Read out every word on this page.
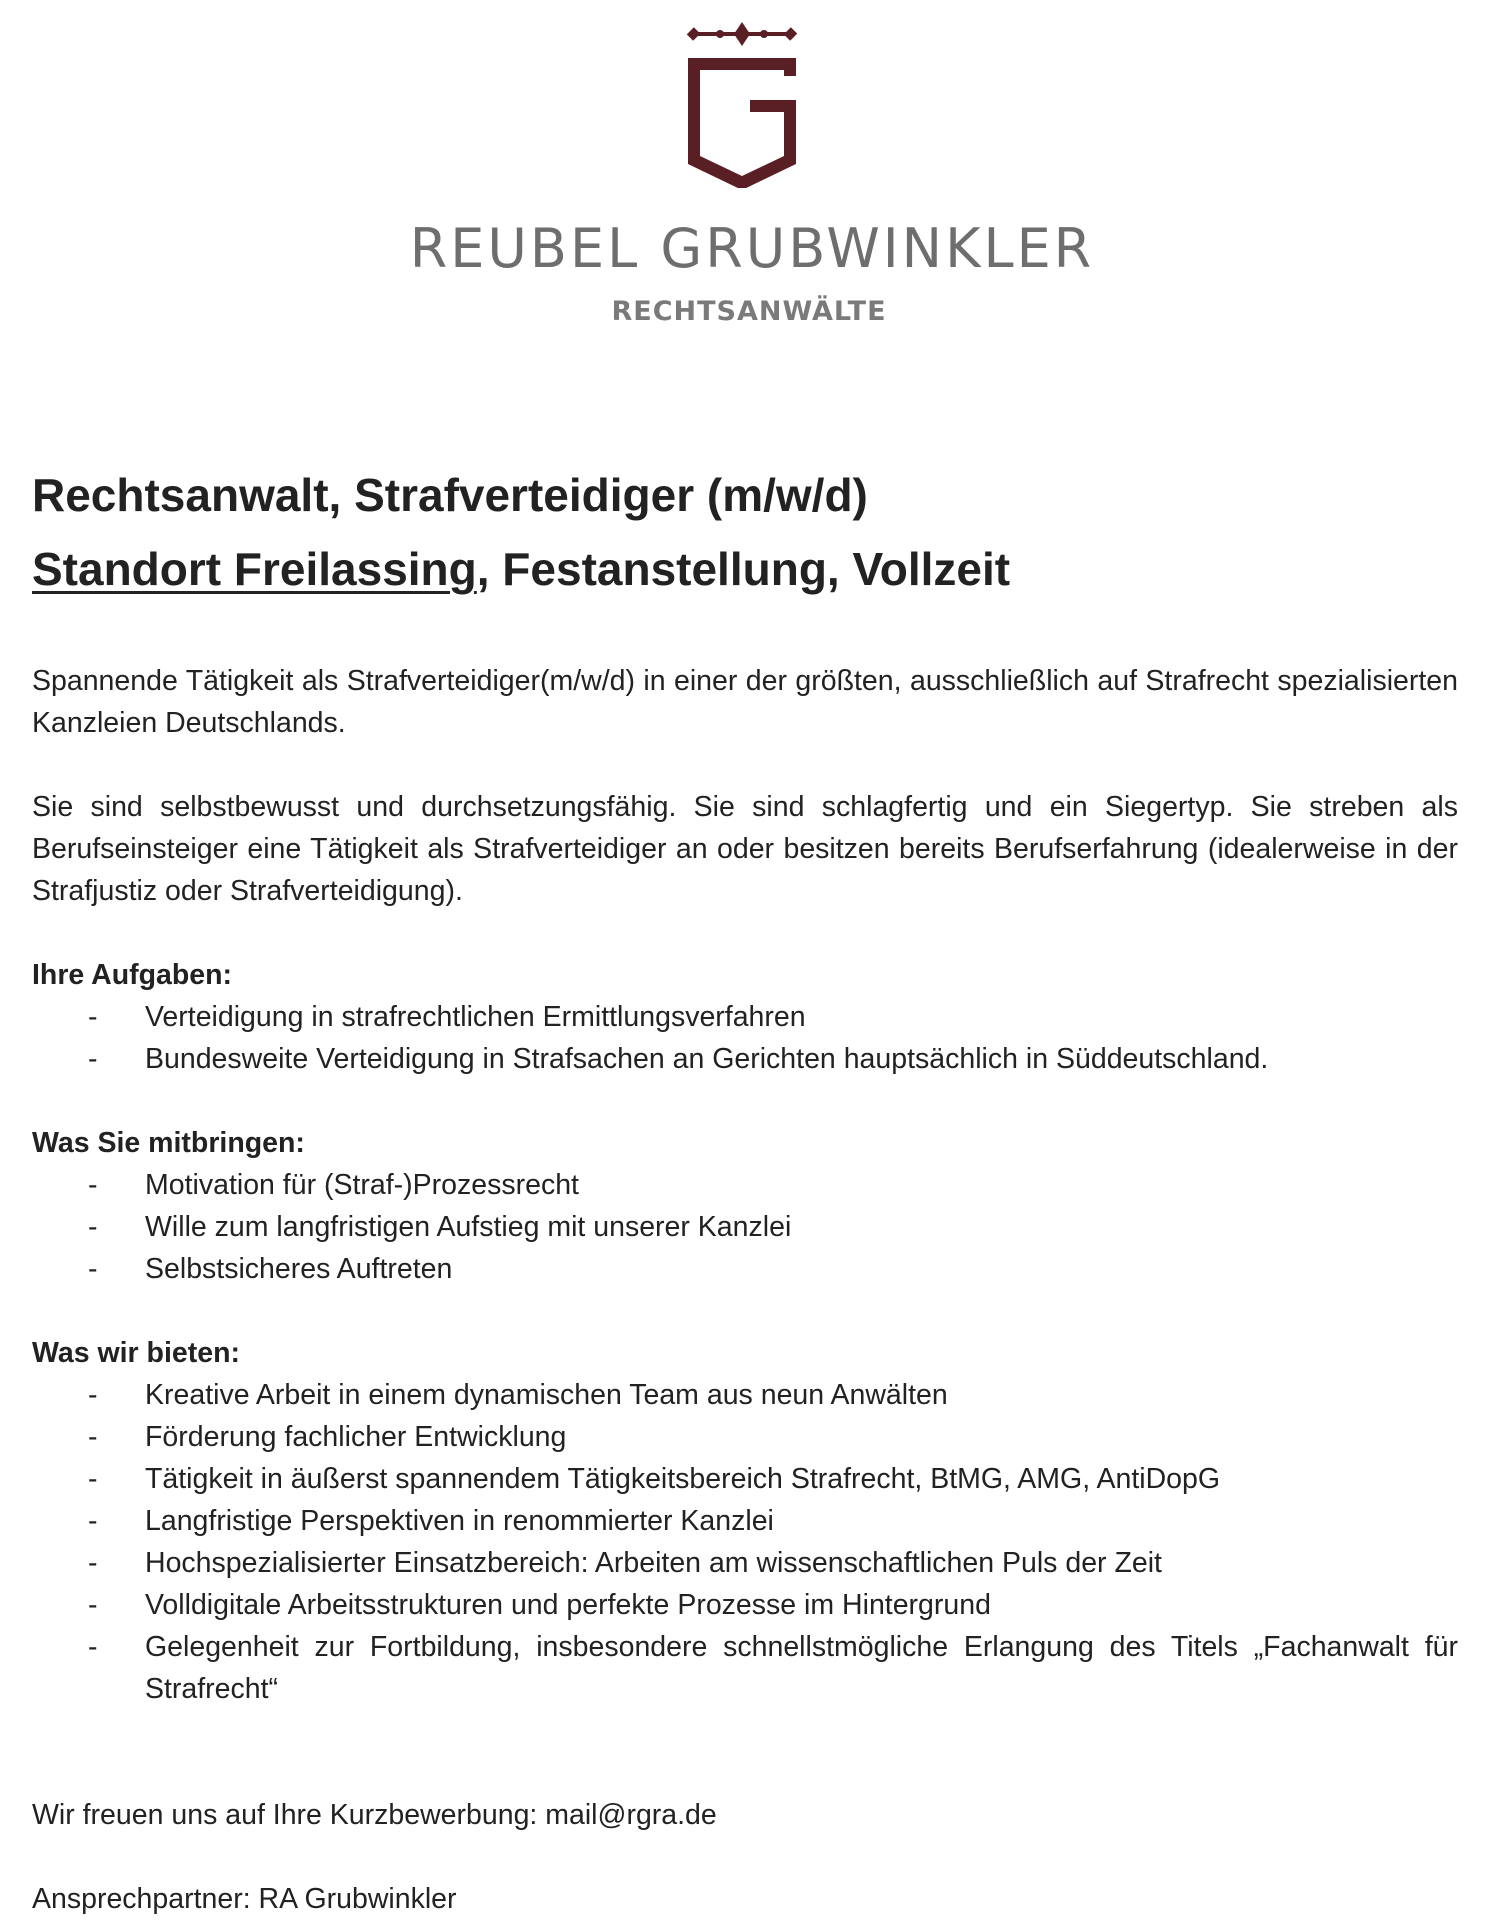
REUBEL GRUBWINKLER
RECHTSANWÄLTE
Rechtsanwalt, Strafverteidiger (m/w/d)
Standort Freilassing, Festanstellung, Vollzeit

Spannende Tätigkeit als Strafverteidiger(m/w/d) in einer der größten, ausschließlich auf Strafrecht spezialisierten Kanzleien Deutschlands.

Sie sind selbstbewusst und durchsetzungsfähig. Sie sind schlagfertig und ein Siegertyp. Sie streben als Berufseinsteiger eine Tätigkeit als Strafverteidiger an oder besitzen bereits Berufserfahrung (idealerweise in der Strafjustiz oder Strafverteidigung).

Ihre Aufgaben:
- Verteidigung in strafrechtlichen Ermittlungsverfahren
- Bundesweite Verteidigung in Strafsachen an Gerichten hauptsächlich in Süddeutschland.
Was Sie mitbringen:
- Motivation für (Straf-)Prozessrecht
- Wille zum langfristigen Aufstieg mit unserer Kanzlei
- Selbstsicheres Auftreten
Was wir bieten:
- Kreative Arbeit in einem dynamischen Team aus neun Anwälten
- Förderung fachlicher Entwicklung
- Tätigkeit in äußerst spannendem Tätigkeitsbereich Strafrecht, BtMG, AMG, AntiDopG
- Langfristige Perspektiven in renommierter Kanzlei
- Hochspezialisierter Einsatzbereich: Arbeiten am wissenschaftlichen Puls der Zeit
- Volldigitale Arbeitsstrukturen und perfekte Prozesse im Hintergrund
- Gelegenheit zur Fortbildung, insbesondere schnellstmögliche Erlangung des Titels „Fachanwalt für Strafrecht“

Wir freuen uns auf Ihre Kurzbewerbung: mail@rgra.de

Ansprechpartner: RA Grubwinkler
